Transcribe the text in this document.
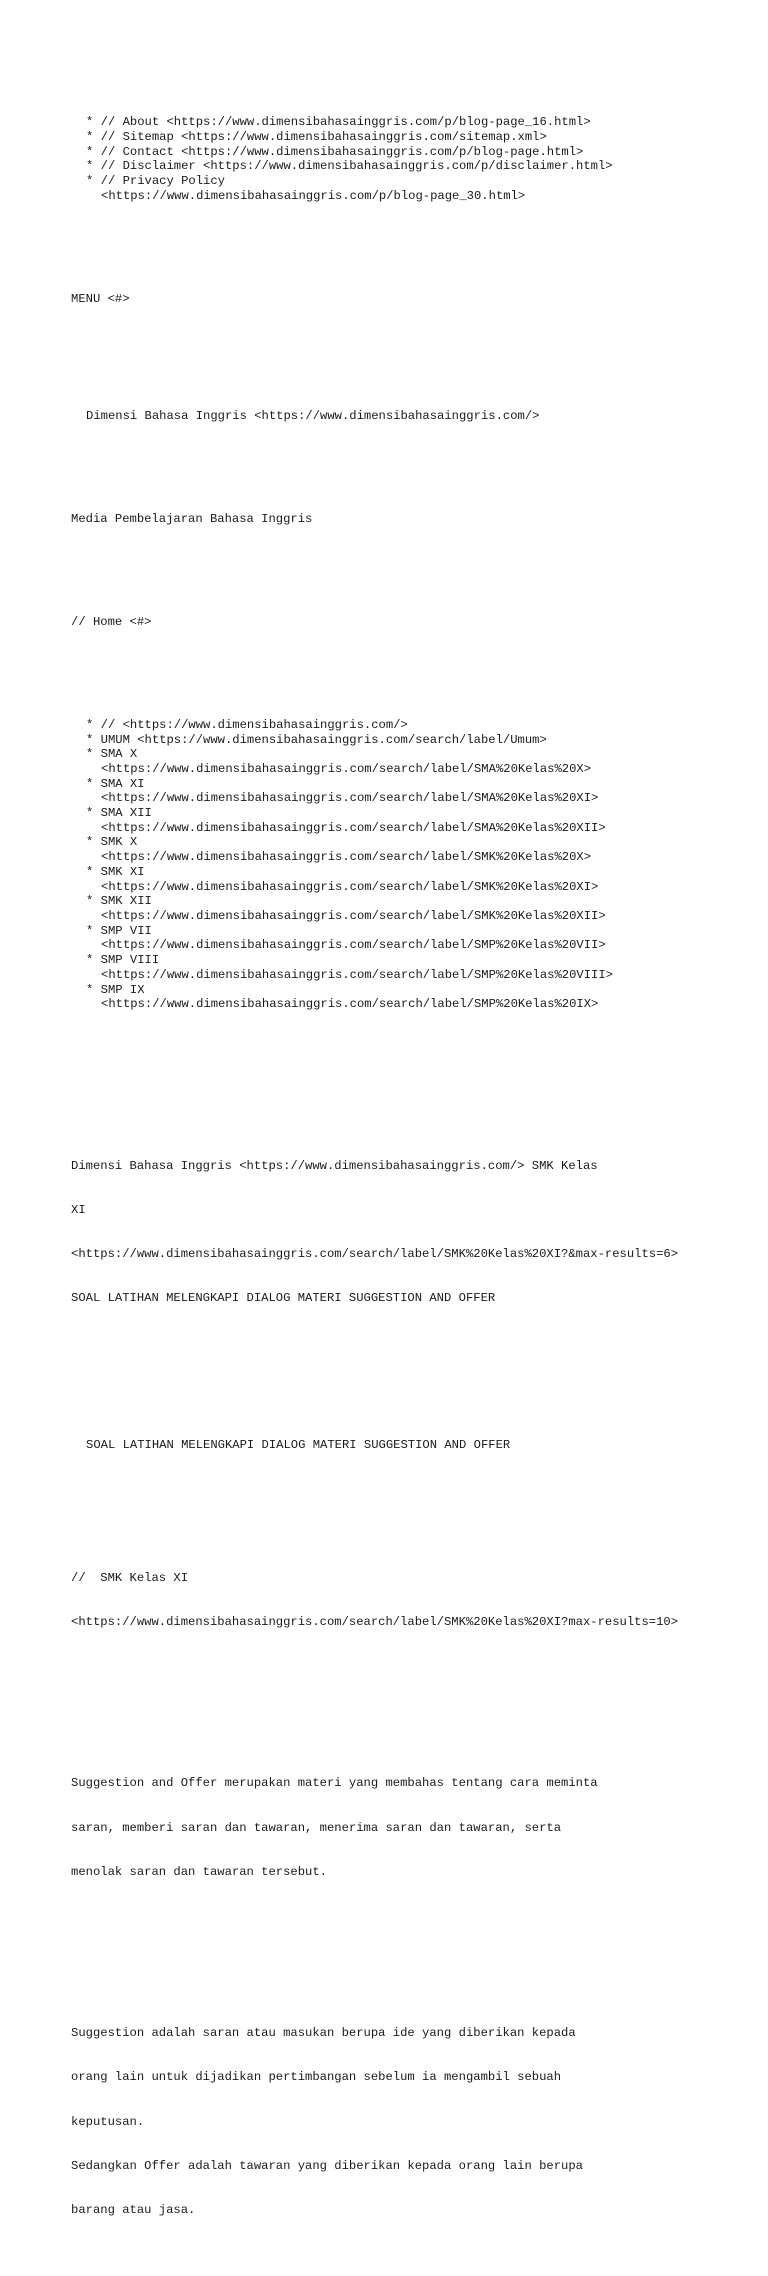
* // About <https://www.dimensibahasainggris.com/p/blog-page_16.html>
* // Sitemap <https://www.dimensibahasainggris.com/sitemap.xml>
* // Contact <https://www.dimensibahasainggris.com/p/blog-page.html>
* // Disclaimer <https://www.dimensibahasainggris.com/p/disclaimer.html>
* // Privacy Policy
<https://www.dimensibahasainggris.com/p/blog-page_30.html>

MENU <#>

Dimensi Bahasa Inggris <https://www.dimensibahasainggris.com/>

Media Pembelajaran Bahasa Inggris

// Home <#>

* // <https://www.dimensibahasainggris.com/>
* UMUM <https://www.dimensibahasainggris.com/search/label/Umum>
* SMA X
<https://www.dimensibahasainggris.com/search/label/SMA%20Kelas%20X>
* SMA XI
<https://www.dimensibahasainggris.com/search/label/SMA%20Kelas%20XI>
* SMA XII
<https://www.dimensibahasainggris.com/search/label/SMA%20Kelas%20XII>
* SMK X
<https://www.dimensibahasainggris.com/search/label/SMK%20Kelas%20X>
* SMK XI
<https://www.dimensibahasainggris.com/search/label/SMK%20Kelas%20XI>
* SMK XII
<https://www.dimensibahasainggris.com/search/label/SMK%20Kelas%20XII>
* SMP VII
<https://www.dimensibahasainggris.com/search/label/SMP%20Kelas%20VII>
* SMP VIII
<https://www.dimensibahasainggris.com/search/label/SMP%20Kelas%20VIII>
* SMP IX
<https://www.dimensibahasainggris.com/search/label/SMP%20Kelas%20IX>

Dimensi Bahasa Inggris <https://www.dimensibahasainggris.com/> SMK Kelas

XI

<https://www.dimensibahasainggris.com/search/label/SMK%20Kelas%20XI?&max-results=6>

SOAL LATIHAN MELENGKAPI DIALOG MATERI SUGGESTION AND OFFER

SOAL LATIHAN MELENGKAPI DIALOG MATERI SUGGESTION AND OFFER

//  SMK Kelas XI

<https://www.dimensibahasainggris.com/search/label/SMK%20Kelas%20XI?max-results=10>

Suggestion and Offer merupakan materi yang membahas tentang cara meminta

saran, memberi saran dan tawaran, menerima saran dan tawaran, serta

menolak saran dan tawaran tersebut.

Suggestion adalah saran atau masukan berupa ide yang diberikan kepada

orang lain untuk dijadikan pertimbangan sebelum ia mengambil sebuah

keputusan.

Sedangkan Offer adalah tawaran yang diberikan kepada orang lain berupa

barang atau jasa.
